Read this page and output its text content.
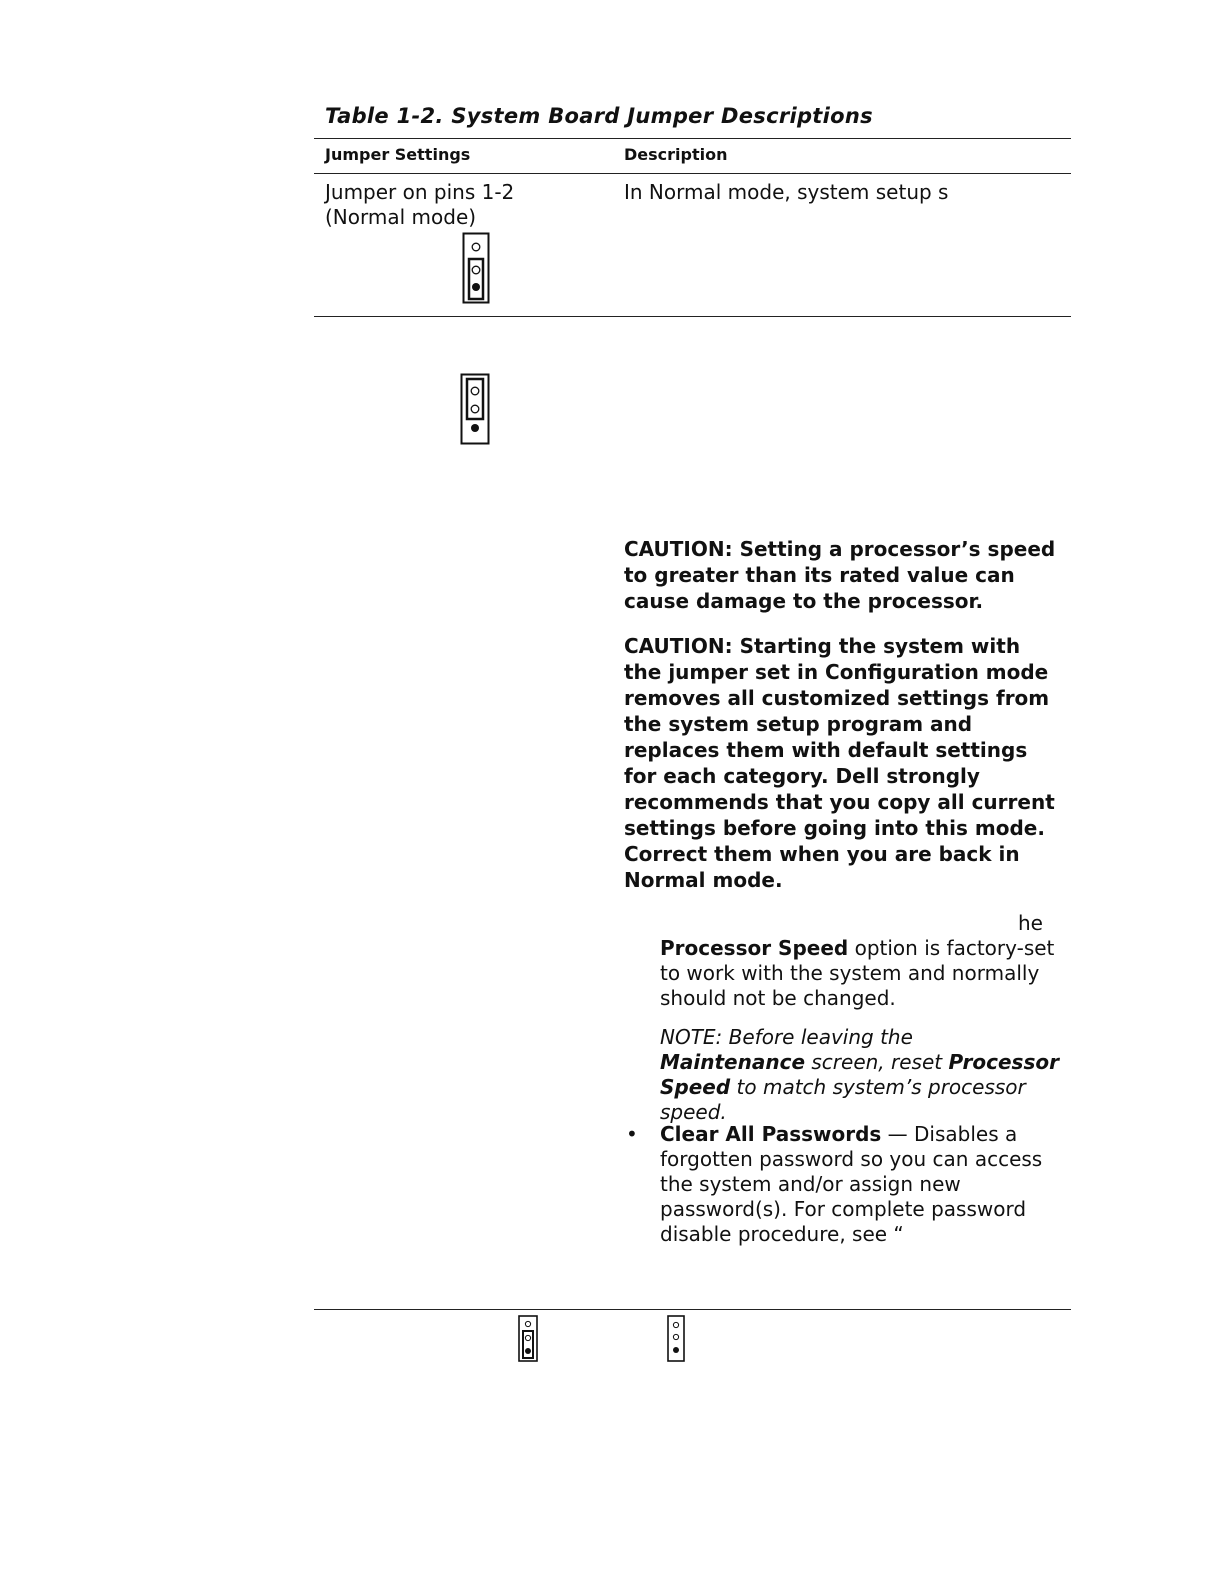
Table 1-2. System Board Jumper Descriptions
Jumper Settings	Description
Jumper on pins 1-2
(Normal mode)
In Normal mode, system setup s
CAUTION: Setting a processor’s speed to greater than its rated value can cause damage to the processor.
CAUTION: Starting the system with the jumper set in Configuration mode removes all customized settings from the system setup program and replaces them with default settings for each category. Dell strongly recommends that you copy all current settings before going into this mode. Correct them when you are back in Normal mode.
he
Processor Speed option is factory-set to work with the system and normally should not be changed.
NOTE: Before leaving the Maintenance screen, reset Processor Speed to match system’s processor speed.
• Clear All Passwords — Disables a forgotten password so you can access the system and/or assign new password(s). For complete password disable procedure, see “
